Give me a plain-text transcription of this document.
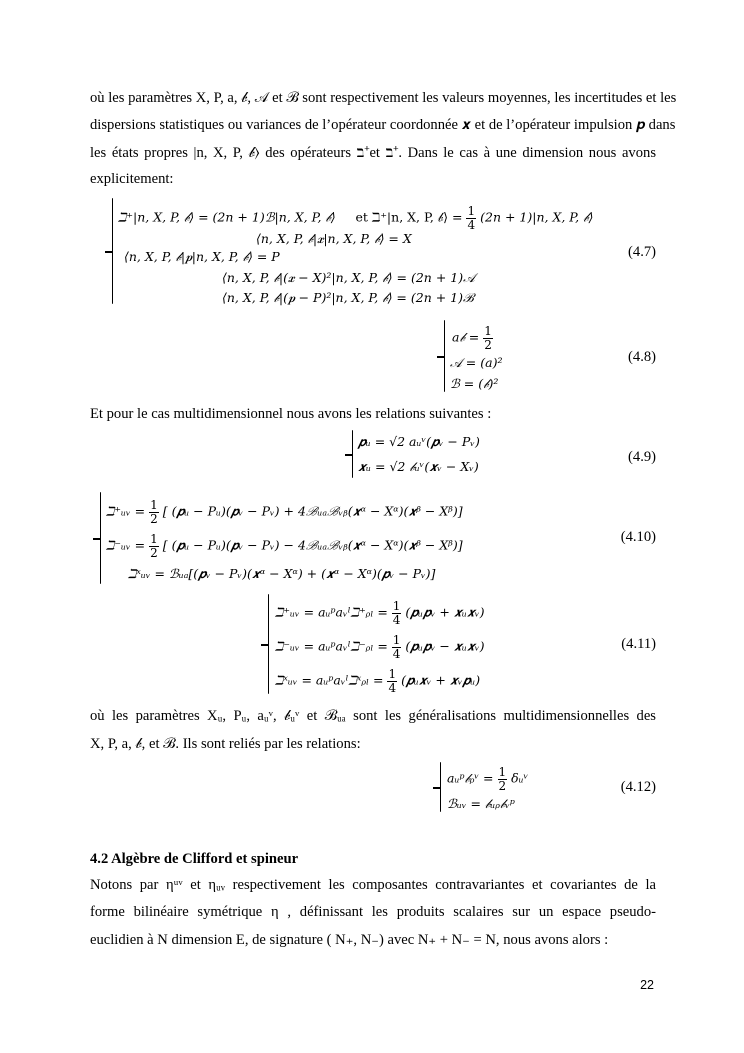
où les paramètres X, P, a, 𝒷, 𝒜 et ℬ sont respectivement les valeurs moyennes, les incertitudes et les
dispersions statistiques ou variances de l’opérateur coordonnée 𝒙 et de l’opérateur impulsion 𝒑 dans
les états propres |n, X, P, 𝒷⟩ des opérateurs ℶ⁺et ℶ⁺. Dans le cas à une dimension nous avons
explicitement:
ℶ⁺|n, X, P, 𝒷⟩ = (2n + 1)ℬ|n, X, P, 𝒷⟩ et ℶ⁺|n, X, P, 𝒷⟩ = $\frac{1}{4} (2n + 1)|n$, X, P, 𝒷⟩
⟨n, X, P, 𝒷|𝒙|n, X, P, 𝒷⟩ = X
⟨n, X, P, 𝒷|𝒑|n, X, P, 𝒷⟩ = P
⟨n, X, P, 𝒷|(𝒙 − X)²|n, X, P, 𝒷⟩ = (2n + 1)𝒜
⟨n, X, P, 𝒷|(𝒑 − P)²|n, X, P, 𝒷⟩ = (2n + 1)ℬ
(4.7)
a𝒷 = $\frac{1}{2}$
𝒜 = (a)²
ℬ = (𝒷)²
(4.8)
Et pour le cas multidimensionnel nous avons les relations suivantes :
𝒑ᵤ = √2 aᵤᵛ(𝒑ᵥ − Pᵥ)
𝒙ᵤ = √2 𝒷ᵤᵛ(𝒙ᵥ − Xᵥ)
(4.9)
ℶ⁺ᵤᵥ = $\frac{1}{2}$ [ (𝒑ᵤ − Pᵤ)(𝒑ᵥ − Pᵥ) + 4ℬᵤₐℬᵥᵦ(𝒙ᵅ − Xᵅ)(𝒙ᵝ − Xᵝ)]
ℶ⁻ᵤᵥ = $\frac{1}{2}$ [ (𝒑ᵤ − Pᵤ)(𝒑ᵥ − Pᵥ) − 4ℬᵤₐℬᵥᵦ(𝒙ᵅ − Xᵅ)(𝒙ᵝ − Xᵝ)]
ℶˣᵤᵥ = ℬᵤₐ[(𝒑ᵥ − Pᵥ)(𝒙ᵅ − Xᵅ) + (𝒙ᵅ − Xᵅ)(𝒑ᵥ − Pᵥ)]
(4.10)
ℶ⁺ᵤᵥ = aᵤᵖaᵥˡℶ⁺ᵨₗ = $\frac{1}{4}$ (𝒑ᵤ𝒑ᵥ + 𝒙ᵤ𝒙ᵥ)
ℶ⁻ᵤᵥ = aᵤᵖaᵥˡℶ⁻ᵨₗ = $\frac{1}{4}$ (𝒑ᵤ𝒑ᵥ − 𝒙ᵤ𝒙ᵥ)
ℶˣᵤᵥ = aᵤᵖaᵥˡℶˣᵨₗ = $\frac{1}{4}$ (𝒑ᵤ𝒙ᵥ + 𝒙ᵥ𝒑ᵤ)
(4.11)
où les paramètres Xᵤ, Pᵤ, aᵤᵛ, 𝒷ᵤᵛ et ℬᵤₐ sont les généralisations multidimensionnelles des
X, P, a, 𝒷, et ℬ. Ils sont reliés par les relations:
aᵤᵖ𝒷ᵨᵛ = $\frac{1}{2}$ δᵤᵛ
ℬᵤᵥ = 𝒷ᵤᵨ𝒷ᵥᵖ
(4.12)
4.2 Algèbre de Clifford et spineur
Notons par ηᵘᵛ et ηᵤᵥ respectivement les composantes contravariantes et covariantes de la
forme bilinéaire symétrique η , définissant les produits scalaires sur un espace pseudo-
euclidien à N dimension E, de signature ( N₊, N₋) avec N₊ + N₋ = N, nous avons alors :
22
